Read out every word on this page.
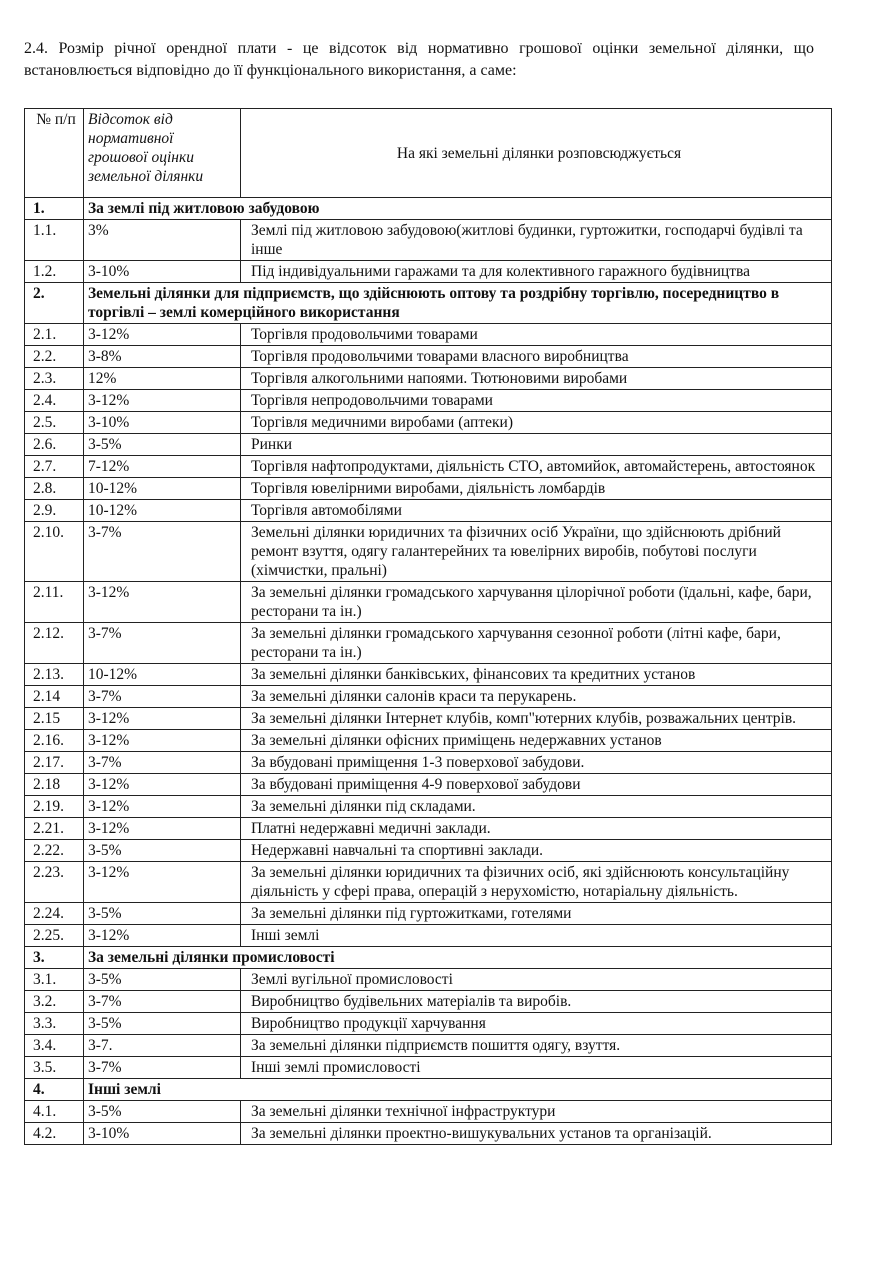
2.4. Розмір річної орендної плати - це відсоток від нормативно грошової оцінки земельної ділянки, що встановлюється відповідно до її функціонального використання, а саме:
№ п/п	Відсоток від нормативної грошової оцінки земельної ділянки	На які земельні ділянки розповсюджується
1.	За землі під житловою забудовою	
1.1.	3%	Землі під житловою забудовою(житлові будинки, гуртожитки, господарчі будівлі та інше
1.2.	3-10%	Під індивідуальними гаражами та для колективного гаражного будівництва
2.	Земельні ділянки для підприємств, що здійснюють оптову та роздрібну торгівлю, посередництво в торгівлі – землі комерційного використання	
2.1.	3-12%	Торгівля продовольчими товарами
2.2.	3-8%	Торгівля продовольчими товарами власного виробництва
2.3.	12%	Торгівля алкогольними напоями. Тютюновими виробами
2.4.	3-12%	Торгівля непродовольчими товарами
2.5.	3-10%	Торгівля медичними виробами (аптеки)
2.6.	3-5%	Ринки
2.7.	7-12%	Торгівля нафтопродуктами, діяльність СТО, автомийок, автомайстерень, автостоянок
2.8.	10-12%	Торгівля ювелірними виробами, діяльність ломбардів
2.9.	10-12%	Торгівля автомобілями
2.10.	3-7%	Земельні ділянки юридичних та фізичних осіб України, що здійснюють дрібний ремонт взуття, одягу галантерейних та ювелірних виробів, побутові послуги (хімчистки, пральні)
2.11.	3-12%	За земельні ділянки громадського харчування цілорічної роботи (їдальні, кафе, бари, ресторани та ін.)
2.12.	3-7%	За земельні ділянки громадського харчування сезонної роботи (літні кафе, бари, ресторани та ін.)
2.13.	10-12%	За земельні ділянки банківських, фінансових та кредитних установ
2.14	3-7%	За земельні ділянки салонів краси та перукарень.
2.15	3-12%	За земельні ділянки Інтернет клубів, комп"ютерних клубів, розважальних центрів.
2.16.	3-12%	За земельні ділянки офісних приміщень недержавних установ
2.17.	3-7%	За вбудовані приміщення 1-3 поверхової забудови.
2.18	3-12%	За вбудовані приміщення 4-9 поверхової забудови
2.19.	3-12%	За земельні ділянки під складами.
2.21.	3-12%	Платні недержавні медичні заклади.
2.22.	3-5%	Недержавні навчальні та спортивні заклади.
2.23.	3-12%	За земельні ділянки юридичних та фізичних осіб, які здійснюють консультаційну діяльність у сфері права, операцій з нерухомістю, нотаріальну діяльність.
2.24.	3-5%	За земельні ділянки під гуртожитками, готелями
2.25.	3-12%	Інші землі
3.	За земельні ділянки промисловості	
3.1.	3-5%	Землі вугільної промисловості
3.2.	3-7%	Виробництво будівельних матеріалів та виробів.
3.3.	3-5%	Виробництво продукції харчування
3.4.	3-7.	За земельні ділянки підприємств пошиття одягу, взуття.
3.5.	3-7%	Інші землі промисловості
4.	Інші землі	
4.1.	3-5%	За земельні ділянки технічної інфраструктури
4.2.	3-10%	За земельні ділянки проектно-вишукувальних установ та організацій.
